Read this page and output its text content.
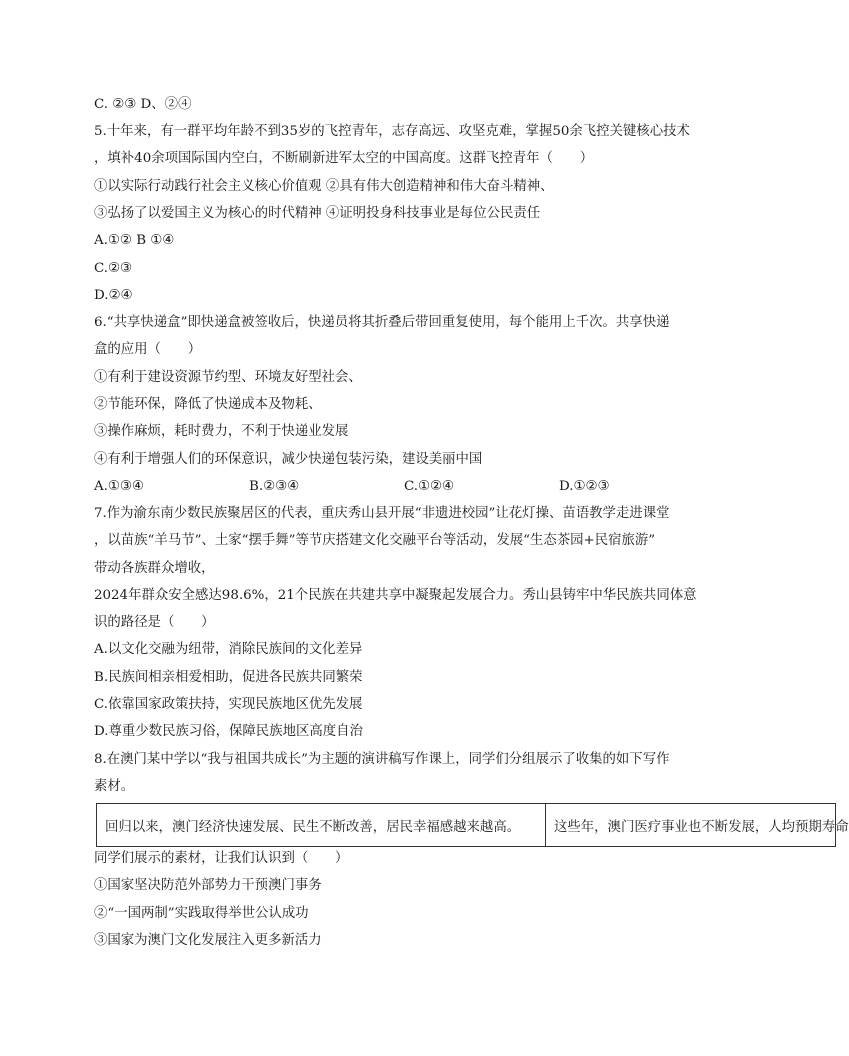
C. ②③ D、②④
5.十年来，有一群平均年龄不到35岁的飞控青年，志存高远、攻坚克难，掌握50余飞控关键核心技术
，填补40余项国际国内空白，不断刷新进军太空的中国高度。这群飞控青年（　　）
①以实际行动践行社会主义核心价值观 ②具有伟大创造精神和伟大奋斗精神、
③弘扬了以爱国主义为核心的时代精神 ④证明投身科技事业是每位公民责任
A.①② B ①④
C.②③
D.②④
6.“共享快递盒”即快递盒被签收后，快递员将其折叠后带回重复使用，每个能用上千次。共享快递
盒的应用（　　）
①有利于建设资源节约型、环境友好型社会、
②节能环保，降低了快递成本及物耗、
③操作麻烦，耗时费力，不利于快递业发展
④有利于增强人们的环保意识，减少快递包装污染，建设美丽中国
A.①③④	B.②③④	C.①②④	D.①②③
7.作为渝东南少数民族聚居区的代表，重庆秀山县开展“非遗进校园”让花灯操、苗语教学走进课堂
，以苗族“羊马节”、土家“摆手舞”等节庆搭建文化交融平台等活动，发展“生态茶园+民宿旅游”
带动各族群众增收，
2024年群众安全感达98.6%，21个民族在共建共享中凝聚起发展合力。秀山县铸牢中华民族共同体意
识的路径是（　　）
A.以文化交融为纽带，消除民族间的文化差异
B.民族间相亲相爱相助，促进各民族共同繁荣
C.依靠国家政策扶持，实现民族地区优先发展
D.尊重少数民族习俗，保障民族地区高度自治
8.在澳门某中学以“我与祖国共成长”为主题的演讲稿写作课上，同学们分组展示了收集的如下写作
素材。
回归以来，澳门经济快速发展、民生不断改善，居民幸福感越来越高。	这些年，澳门医疗事业也不断发展，人均预期寿命
同学们展示的素材，让我们认识到（　　）
①国家坚决防范外部势力干预澳门事务
②“一国两制”实践取得举世公认成功
③国家为澳门文化发展注入更多新活力
